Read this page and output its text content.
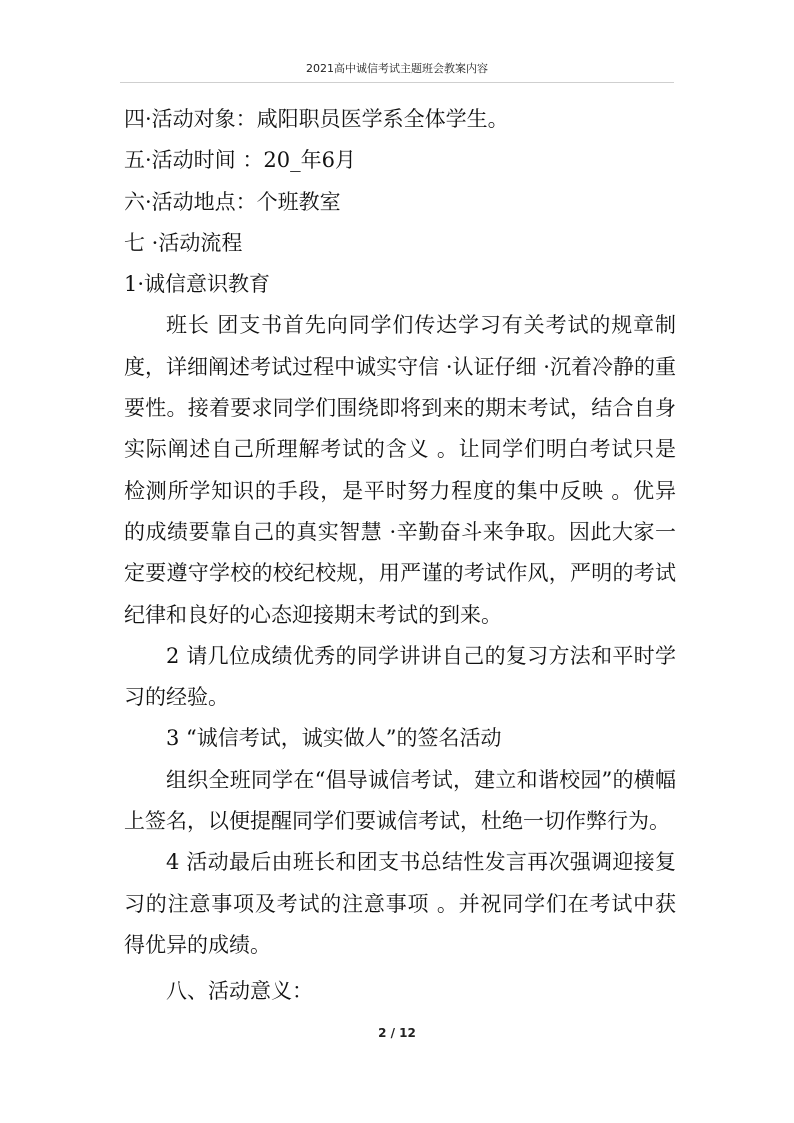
2021高中诚信考试主题班会教案内容

四·活动对象：咸阳职员医学系全体学生。

五·活动时间 ：20_年6月

六·活动地点：个班教室

七 ·活动流程

1·诚信意识教育

班长 团支书首先向同学们传达学习有关考试的规章制度，详细阐述考试过程中诚实守信 ·认证仔细 ·沉着冷静的重要性。接着要求同学们围绕即将到来的期末考试，结合自身实际阐述自己所理解考试的含义 。让同学们明白考试只是检测所学知识的手段，是平时努力程度的集中反映 。优异的成绩要靠自己的真实智慧 ·辛勤奋斗来争取。因此大家一定要遵守学校的校纪校规，用严谨的考试作风，严明的考试纪律和良好的心态迎接期末考试的到来。

2 请几位成绩优秀的同学讲讲自己的复习方法和平时学习的经验。

3 “诚信考试，诚实做人”的签名活动

组织全班同学在“倡导诚信考试，建立和谐校园”的横幅上签名，以便提醒同学们要诚信考试，杜绝一切作弊行为。

4 活动最后由班长和团支书总结性发言再次强调迎接复习的注意事项及考试的注意事项 。并祝同学们在考试中获得优异的成绩。

八、活动意义：

2 / 12
